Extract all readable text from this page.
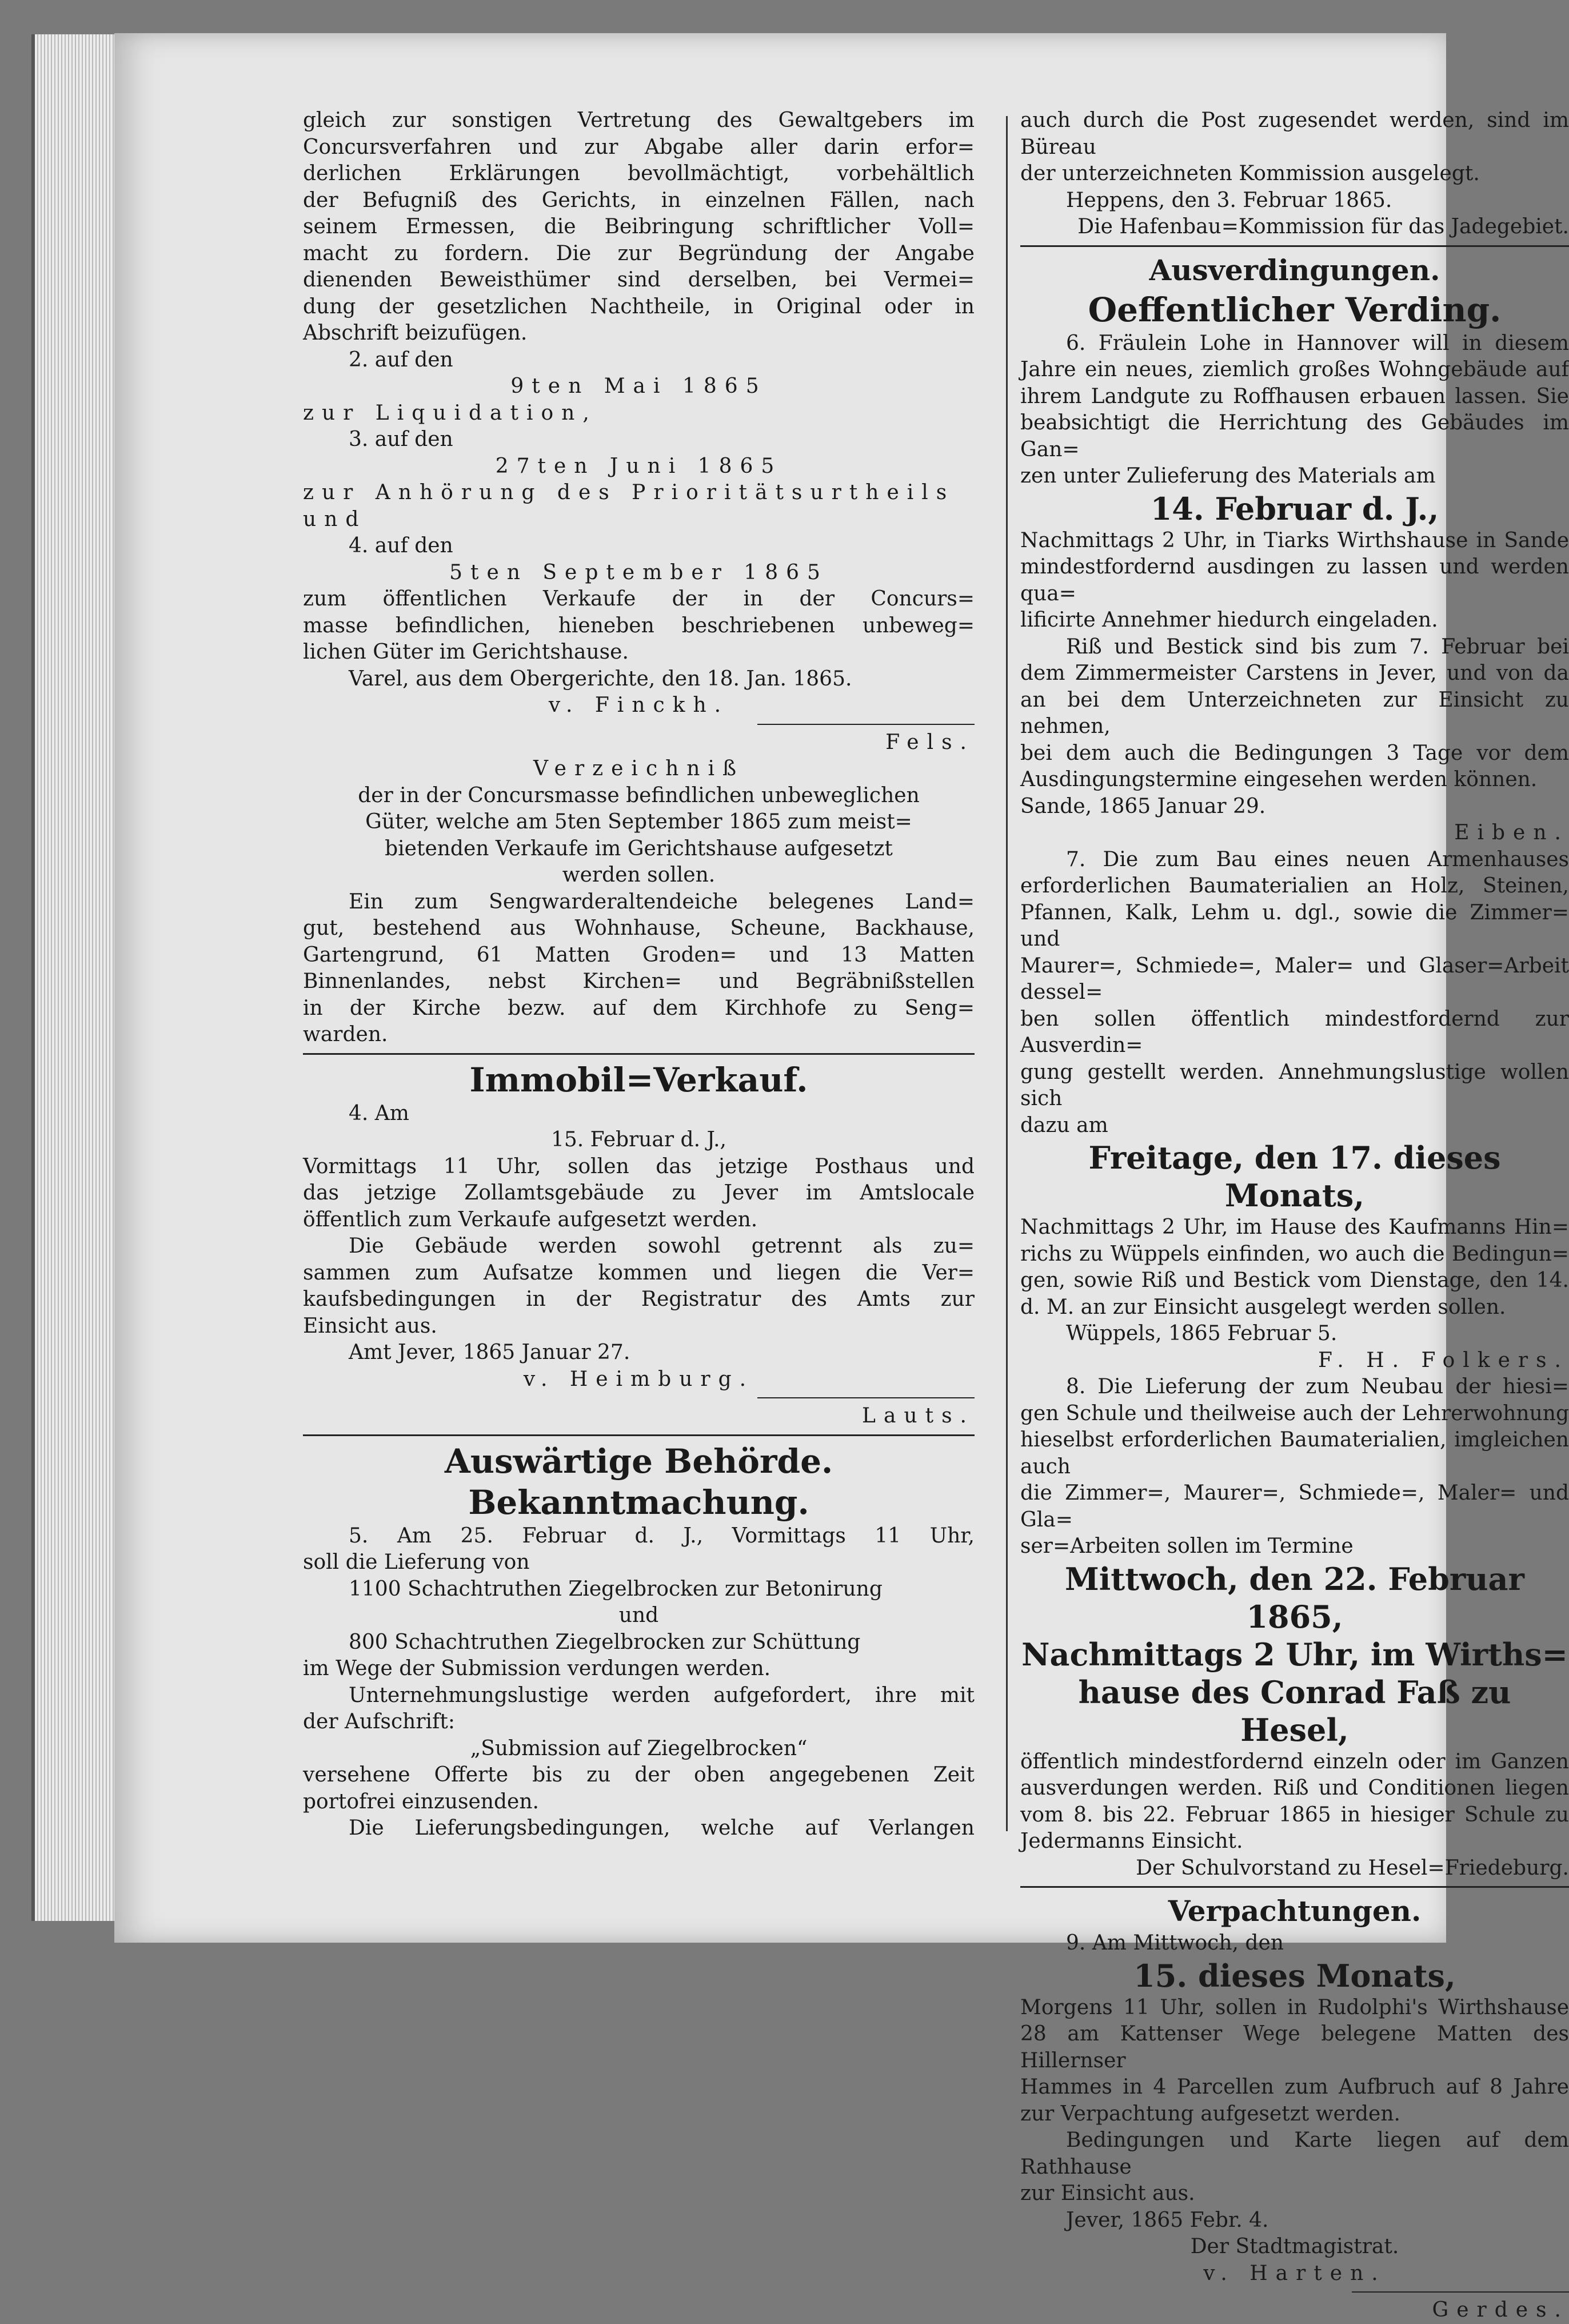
gleich zur sonstigen Vertretung des Gewaltgebers im

Concursverfahren und zur Abgabe aller darin erfor=

derlichen Erklärungen bevollmächtigt, vorbehältlich

der Befugniß des Gerichts, in einzelnen Fällen, nach

seinem Ermessen, die Beibringung schriftlicher Voll=

macht zu fordern. Die zur Begründung der Angabe

dienenden Beweisthümer sind derselben, bei Vermei=

dung der gesetzlichen Nachtheile, in Original oder in

Abschrift beizufügen.

2. auf den

9ten Mai 1865

zur Liquidation,

3. auf den

27ten Juni 1865

zur Anhörung des Prioritätsurtheils und

4. auf den

5ten September 1865

zum öffentlichen Verkaufe der in der Concurs=

masse befindlichen, hieneben beschriebenen unbeweg=

lichen Güter im Gerichtshause.

Varel, aus dem Obergerichte, den 18. Jan. 1865.

v. Finckh.

Fels.

Verzeichniß

der in der Concursmasse befindlichen unbeweglichen

Güter, welche am 5ten September 1865 zum meist=

bietenden Verkaufe im Gerichtshause aufgesetzt

werden sollen.

Ein zum Sengwarderaltendeiche belegenes Land=

gut, bestehend aus Wohnhause, Scheune, Backhause,

Gartengrund, 61 Matten Groden= und 13 Matten

Binnenlandes, nebst Kirchen= und Begräbnißstellen

in der Kirche bezw. auf dem Kirchhofe zu Seng=

warden.

Immobil=Verkauf.

4. Am

15. Februar d. J.,

Vormittags 11 Uhr, sollen das jetzige Posthaus und

das jetzige Zollamtsgebäude zu Jever im Amtslocale

öffentlich zum Verkaufe aufgesetzt werden.

Die Gebäude werden sowohl getrennt als zu=

sammen zum Aufsatze kommen und liegen die Ver=

kaufsbedingungen in der Registratur des Amts zur

Einsicht aus.

Amt Jever, 1865 Januar 27.

v. Heimburg.

Lauts.

Auswärtige Behörde.

Bekanntmachung.

5. Am 25. Februar d. J., Vormittags 11 Uhr,

soll die Lieferung von

1100 Schachtruthen Ziegelbrocken zur Betonirung

und

800 Schachtruthen Ziegelbrocken zur Schüttung

im Wege der Submission verdungen werden.

Unternehmungslustige werden aufgefordert, ihre mit

der Aufschrift:

„Submission auf Ziegelbrocken“

versehene Offerte bis zu der oben angegebenen Zeit

portofrei einzusenden.

Die Lieferungsbedingungen, welche auf Verlangen

auch durch die Post zugesendet werden, sind im Büreau

der unterzeichneten Kommission ausgelegt.

Heppens, den 3. Februar 1865.

Die Hafenbau=Kommission für das Jadegebiet.

Ausverdingungen.

Oeffentlicher Verding.

6. Fräulein Lohe in Hannover will in diesem

Jahre ein neues, ziemlich großes Wohngebäude auf

ihrem Landgute zu Roffhausen erbauen lassen. Sie

beabsichtigt die Herrichtung des Gebäudes im Gan=

zen unter Zulieferung des Materials am

14. Februar d. J.,

Nachmittags 2 Uhr, in Tiarks Wirthshause in Sande

mindestfordernd ausdingen zu lassen und werden qua=

lificirte Annehmer hiedurch eingeladen.

Riß und Bestick sind bis zum 7. Februar bei

dem Zimmermeister Carstens in Jever, und von da

an bei dem Unterzeichneten zur Einsicht zu nehmen,

bei dem auch die Bedingungen 3 Tage vor dem

Ausdingungstermine eingesehen werden können.

Sande, 1865 Januar 29.

Eiben.

7. Die zum Bau eines neuen Armenhauses

erforderlichen Baumaterialien an Holz, Steinen,

Pfannen, Kalk, Lehm u. dgl., sowie die Zimmer= und

Maurer=, Schmiede=, Maler= und Glaser=Arbeit dessel=

ben sollen öffentlich mindestfordernd zur Ausverdin=

gung gestellt werden. Annehmungslustige wollen sich

dazu am

Freitage, den 17. dieses Monats,

Nachmittags 2 Uhr, im Hause des Kaufmanns Hin=

richs zu Wüppels einfinden, wo auch die Bedingun=

gen, sowie Riß und Bestick vom Dienstage, den 14.

d. M. an zur Einsicht ausgelegt werden sollen.

Wüppels, 1865 Februar 5.

F. H. Folkers.

8. Die Lieferung der zum Neubau der hiesi=

gen Schule und theilweise auch der Lehrerwohnung

hieselbst erforderlichen Baumaterialien, imgleichen auch

die Zimmer=, Maurer=, Schmiede=, Maler= und Gla=

ser=Arbeiten sollen im Termine

Mittwoch, den 22. Februar 1865,

Nachmittags 2 Uhr, im Wirths=

hause des Conrad Faß zu Hesel,

öffentlich mindestfordernd einzeln oder im Ganzen

ausverdungen werden. Riß und Conditionen liegen

vom 8. bis 22. Februar 1865 in hiesiger Schule zu

Jedermanns Einsicht.

Der Schulvorstand zu Hesel=Friedeburg.

Verpachtungen.

9. Am Mittwoch, den

15. dieses Monats,

Morgens 11 Uhr, sollen in Rudolphi's Wirthshause

28 am Kattenser Wege belegene Matten des Hillernser

Hammes in 4 Parcellen zum Aufbruch auf 8 Jahre

zur Verpachtung aufgesetzt werden.

Bedingungen und Karte liegen auf dem Rathhause

zur Einsicht aus.

Jever, 1865 Febr. 4.

Der Stadtmagistrat.

v. Harten.

Gerdes.
